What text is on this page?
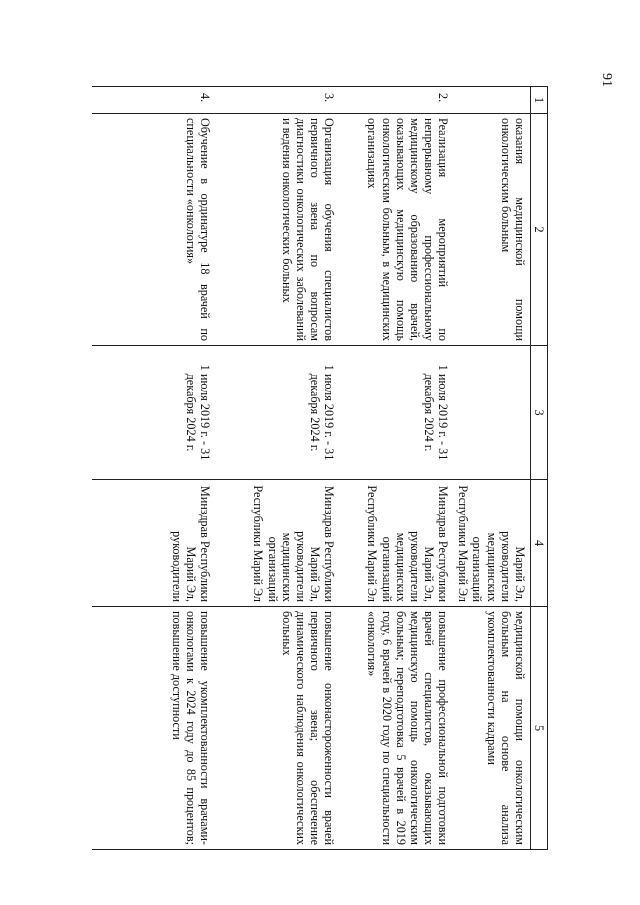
91
1	2	3	4	5
	оказания медицинской помощи онкологическим больным		Марий Эл, руководители медицинских организаций Республики Марий Эл	медицинской помощи онкологическим больным на основе анализа укомплектованности кадрами
2.	Реализация мероприятий по непрерывному профессиональному медицинскому образованию врачей, оказывающих медицинскую помощь онкологическим больным, в медицинских организациях	1 июля 2019 г. - 31 декабря 2024 г.	Минздрав Республики Марий Эл, руководители медицинских организаций Республики Марий Эл	повышение профессиональной подготовки врачей специалистов, оказывающих медицинскую помощь онкологическим больным; переподготовка 5 врачей в 2019 году, 6 врачей в 2020 году по специальности «онкология»
3.	Организация обучения специалистов первичного звена по вопросам диагностики онкологических заболеваний и ведения онкологических больных	1 июля 2019 г. - 31 декабря 2024 г.	Минздрав Республики Марий Эл, руководители медицинских организаций Республики Марий Эл	повышение онконастороженности врачей первичного звена; обеспечение динамического наблюдения онкологических больных
4.	Обучение в ординатуре 18 врачей по специальности «онкология»	1 июля 2019 г. - 31 декабря 2024 г.	Минздрав Республики Марий Эл, руководители	повышение укомплектованности врачами-онкологами к 2024 году до 85 процентов; повышение доступности
